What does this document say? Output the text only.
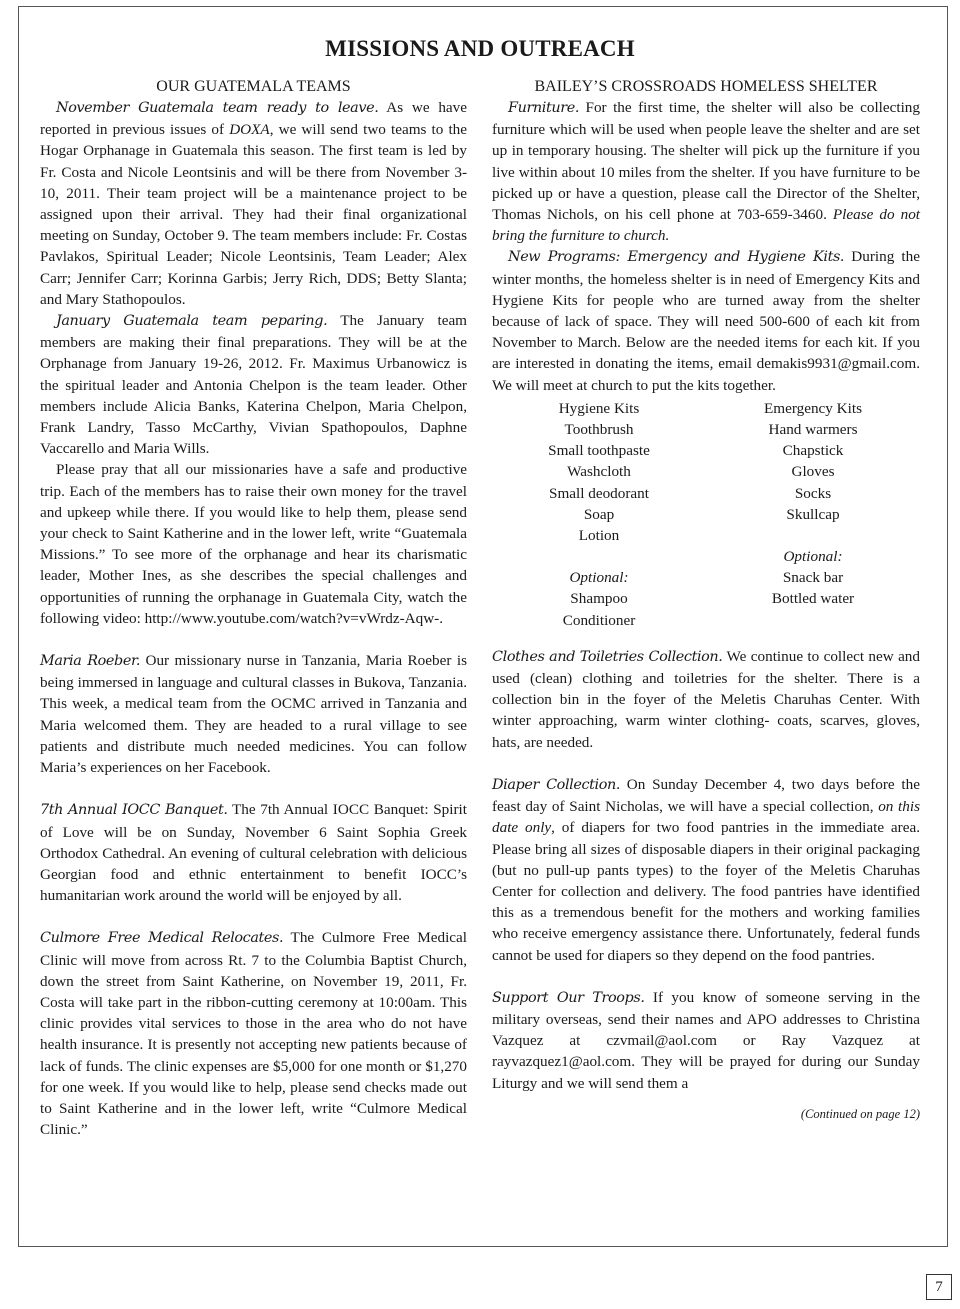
MISSIONS AND OUTREACH

OUR GUATEMALA TEAMS

November Guatemala team ready to leave. As we have reported in previous issues of DOXA, we will send two teams to the Hogar Orphanage in Guatemala this season. The first team is led by Fr. Costa and Nicole Leontsinis and will be there from November 3-10, 2011. Their team project will be a maintenance project to be assigned upon their arrival. They had their final organizational meeting on Sunday, October 9. The team members include: Fr. Costas Pavlakos, Spiritual Leader; Nicole Leontsinis, Team Leader; Alex Carr; Jennifer Carr; Korinna Garbis; Jerry Rich, DDS; Betty Slanta; and Mary Stathopoulos.

January Guatemala team peparing. The January team members are making their final preparations. They will be at the Orphanage from January 19-26, 2012. Fr. Maximus Urbanowicz is the spiritual leader and Antonia Chelpon is the team leader. Other members include Alicia Banks, Katerina Chelpon, Maria Chelpon, Frank Landry, Tasso McCarthy, Vivian Spathopoulos, Daphne Vaccarello and Maria Wills.

Please pray that all our missionaries have a safe and productive trip. Each of the members has to raise their own money for the travel and upkeep while there. If you would like to help them, please send your check to Saint Katherine and in the lower left, write “Guatemala Missions.” To see more of the orphanage and hear its charismatic leader, Mother Ines, as she describes the special challenges and opportunities of running the orphanage in Guatemala City, watch the following video: http://www.youtube.com/watch?v=vWrdz-Aqw-.

Maria Roeber. Our missionary nurse in Tanzania, Maria Roeber is being immersed in language and cultural classes in Bukova, Tanzania. This week, a medical team from the OCMC arrived in Tanzania and Maria welcomed them. They are headed to a rural village to see patients and distribute much needed medicines. You can follow Maria’s experiences on her Facebook.

7th Annual IOCC Banquet. The 7th Annual IOCC Banquet: Spirit of Love will be on Sunday, November 6 Saint Sophia Greek Orthodox Cathedral. An evening of cultural celebration with delicious Georgian food and ethnic entertainment to benefit IOCC’s humanitarian work around the world will be enjoyed by all.

Culmore Free Medical Relocates. The Culmore Free Medical Clinic will move from across Rt. 7 to the Columbia Baptist Church, down the street from Saint Katherine, on November 19, 2011, Fr. Costa will take part in the ribbon-cutting ceremony at 10:00am. This clinic provides vital services to those in the area who do not have health insurance. It is presently not accepting new patients because of lack of funds. The clinic expenses are $5,000 for one month or $1,270 for one week. If you would like to help, please send checks made out to Saint Katherine and in the lower left, write “Culmore Medical Clinic.”

BAILEY’S CROSSROADS HOMELESS SHELTER

Furniture. For the first time, the shelter will also be collecting furniture which will be used when people leave the shelter and are set up in temporary housing. The shelter will pick up the furniture if you live within about 10 miles from the shelter. If you have furniture to be picked up or have a question, please call the Director of the Shelter, Thomas Nichols, on his cell phone at 703-659-3460. Please do not bring the furniture to church.

New Programs: Emergency and Hygiene Kits. During the winter months, the homeless shelter is in need of Emergency Kits and Hygiene Kits for people who are turned away from the shelter because of lack of space. They will need 500-600 of each kit from November to March. Below are the needed items for each kit. If you are interested in donating the items, email demakis9931@gmail.com. We will meet at church to put the kits together.

Hygiene Kits
Toothbrush
Small toothpaste
Washcloth
Small deodorant
Soap
Lotion
Optional:
Shampoo
Conditioner
Emergency Kits
Hand warmers
Chapstick
Gloves
Socks
Skullcap
Optional:
Snack bar
Bottled water

Clothes and Toiletries Collection. We continue to collect new and used (clean) clothing and toiletries for the shelter. There is a collection bin in the foyer of the Meletis Charuhas Center. With winter approaching, warm winter clothing- coats, scarves, gloves, hats, are needed.

Diaper Collection. On Sunday December 4, two days before the feast day of Saint Nicholas, we will have a special collection, on this date only, of diapers for two food pantries in the immediate area. Please bring all sizes of disposable diapers in their original packaging (but no pull-up pants types) to the foyer of the Meletis Charuhas Center for collection and delivery. The food pantries have identified this as a tremendous benefit for the mothers and working families who receive emergency assistance there. Unfortunately, federal funds cannot be used for diapers so they depend on the food pantries.

Support Our Troops. If you know of someone serving in the military overseas, send their names and APO addresses to Christina Vazquez at czvmail@aol.com or Ray Vazquez at rayvazquez1@aol.com. They will be prayed for during our Sunday Liturgy and we will send them a

(Continued on page 12)

7
